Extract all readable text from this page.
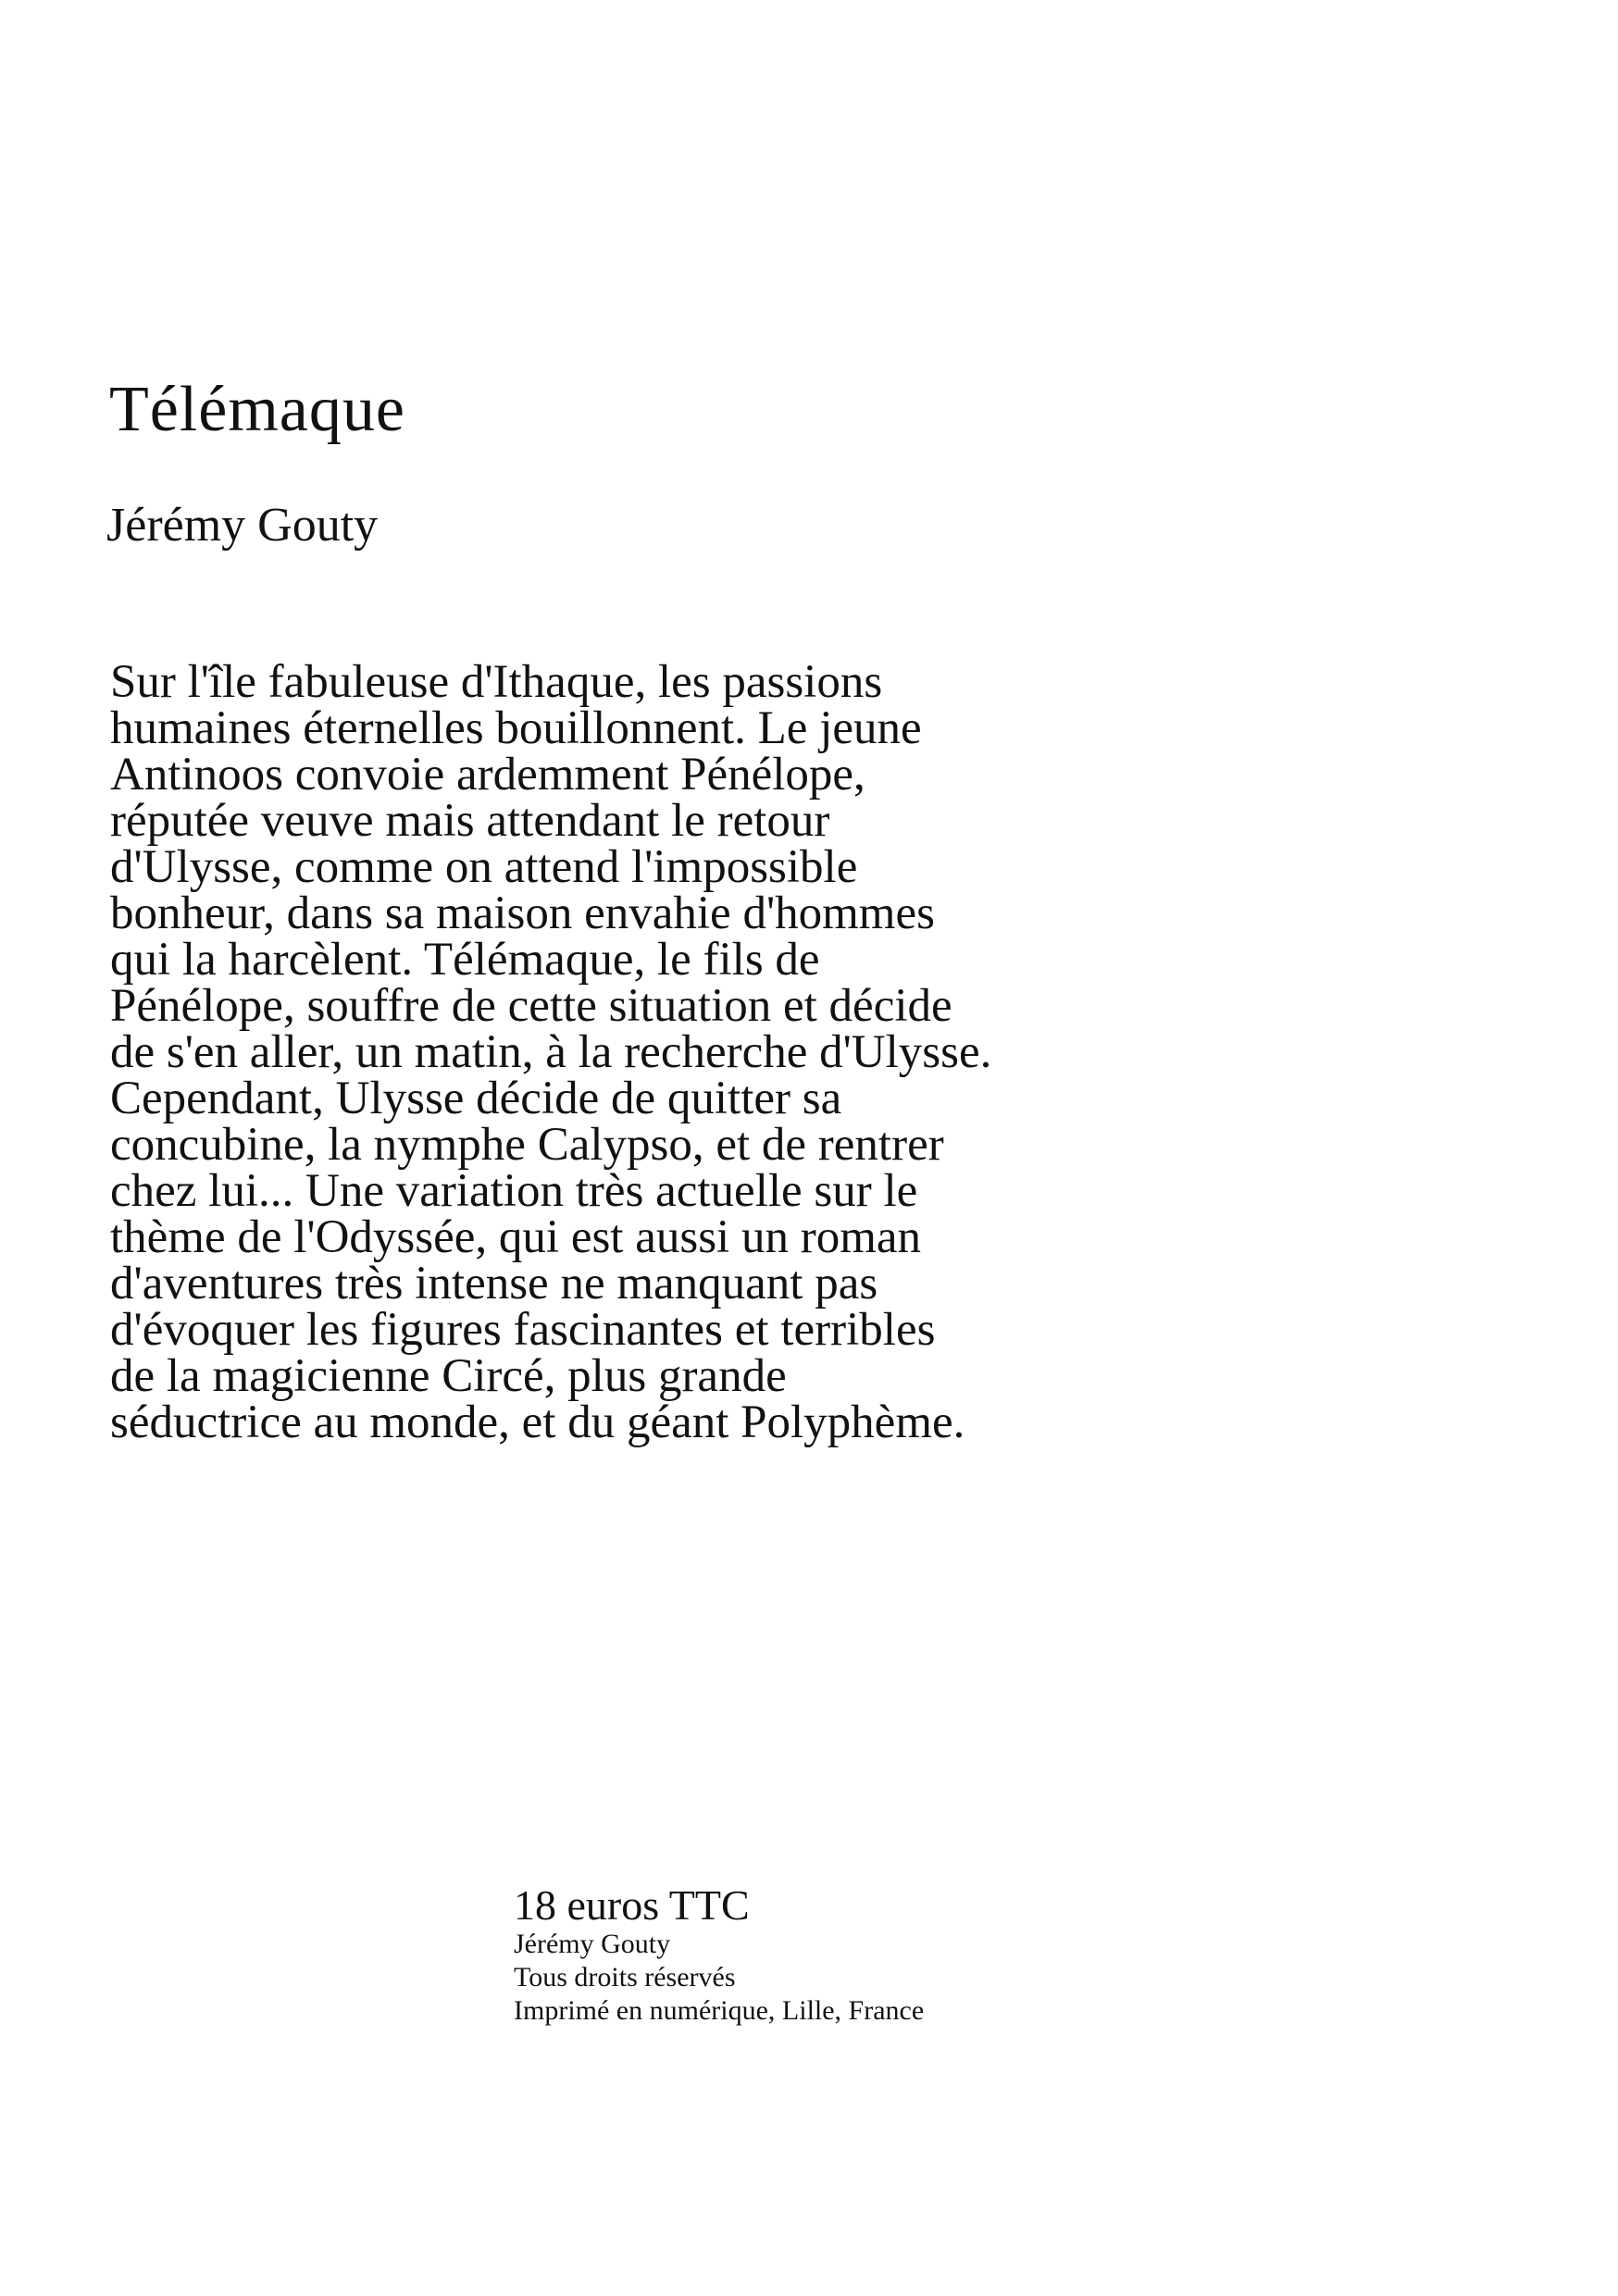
Télémaque

Jérémy Gouty

Sur l'île fabuleuse d'Ithaque, les passions
humaines éternelles bouillonnent. Le jeune
Antinoos convoie ardemment Pénélope,
réputée veuve mais attendant le retour
d'Ulysse, comme on attend l'impossible
bonheur, dans sa maison envahie d'hommes
qui la harcèlent. Télémaque, le fils de
Pénélope, souffre de cette situation et décide
de s'en aller, un matin, à la recherche d'Ulysse.
Cependant, Ulysse décide de quitter sa
concubine, la nymphe Calypso, et de rentrer
chez lui... Une variation très actuelle sur le
thème de l'Odyssée, qui est aussi un roman
d'aventures très intense ne manquant pas
d'évoquer les figures fascinantes et terribles
de la magicienne Circé, plus grande
séductrice au monde, et du géant Polyphème.

18 euros TTC
Jérémy Gouty
Tous droits réservés
Imprimé en numérique, Lille, France
